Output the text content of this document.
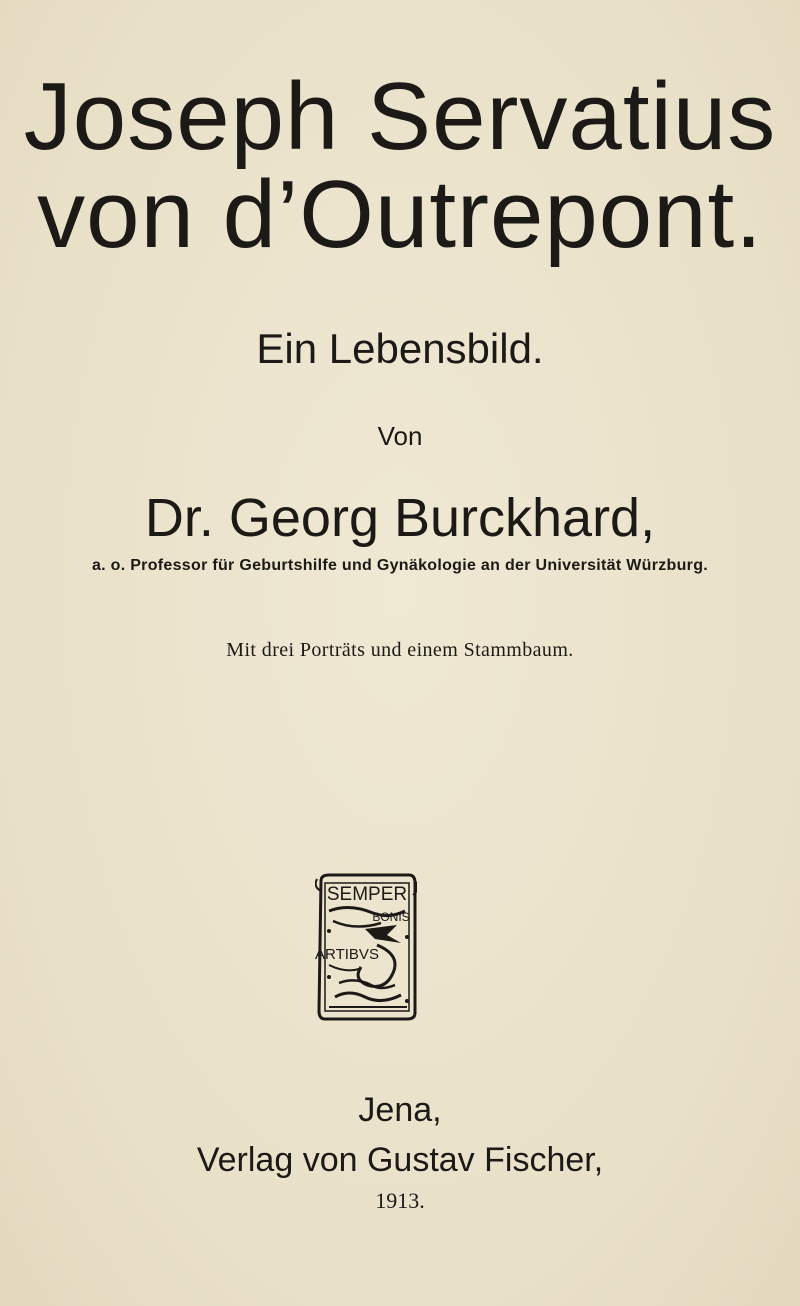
Joseph Servatius
von d’Outrepont.
Ein Lebensbild.
Von
Dr. Georg Burckhard,
a. o. Professor für Geburtshilfe und Gynäkologie an der Universität Würzburg.
Mit drei Porträts und einem Stammbaum.
SEMPER
BONIS
ARTIBVS
Jena,
Verlag von Gustav Fischer,
1913.
